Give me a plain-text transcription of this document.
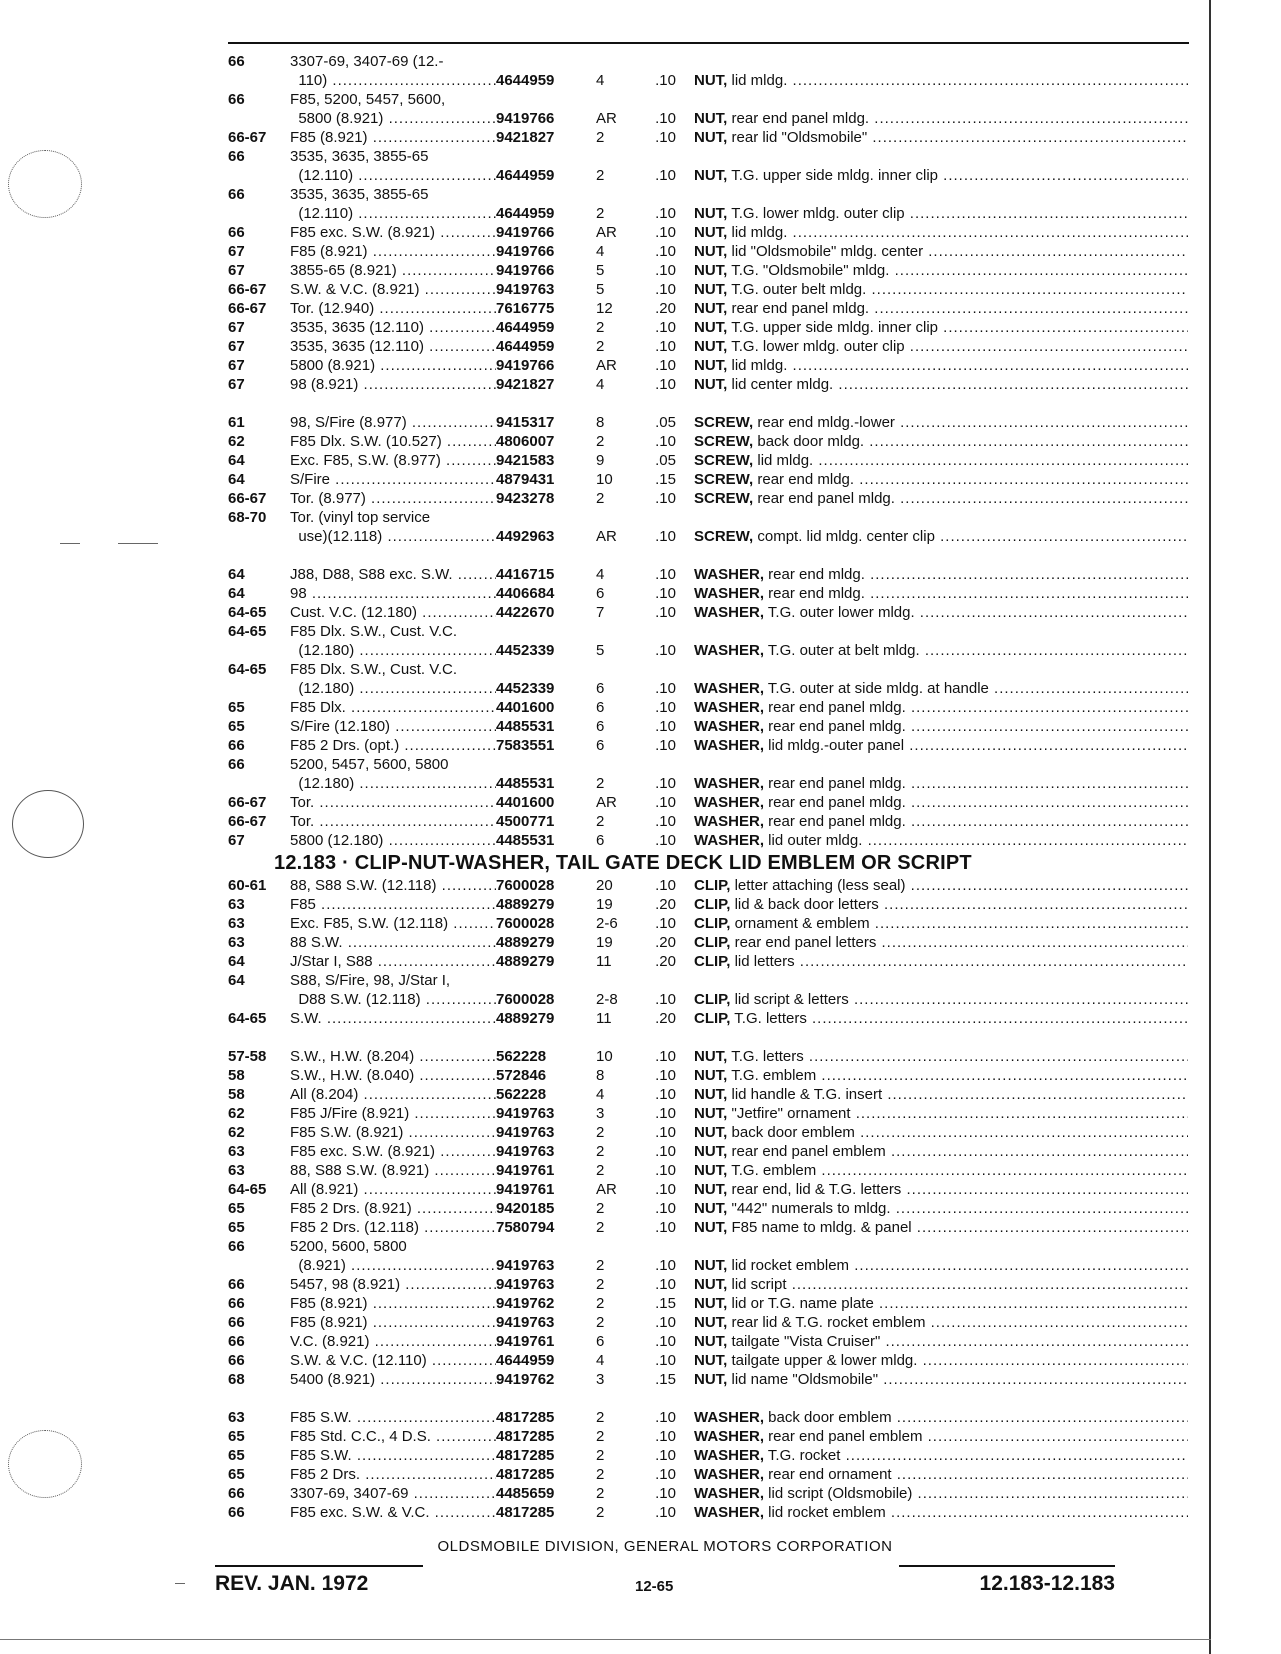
66	3307-69, 3407-69 (12.-
110) .....	4644959	4	.10	NUT, lid mldg. .....
66	F85, 5200, 5457, 5600,
5800 (8.921) .....	9419766	AR	.10	NUT, rear end panel mldg. .....
66-67	F85 (8.921) .....	9421827	2	.10	NUT, rear lid "Oldsmobile" .....
66	3535, 3635, 3855-65
(12.110) .....	4644959	2	.10	NUT, T.G. upper side mldg. inner clip .....
66	3535, 3635, 3855-65
(12.110) .....	4644959	2	.10	NUT, T.G. lower mldg. outer clip .....
66	F85 exc. S.W. (8.921) .....	9419766	AR	.10	NUT, lid mldg. .....
67	F85 (8.921) .....	9419766	4	.10	NUT, lid "Oldsmobile" mldg. center .....
67	3855-65 (8.921) .....	9419766	5	.10	NUT, T.G. "Oldsmobile" mldg. .....
66-67	S.W. & V.C. (8.921) .....	9419763	5	.10	NUT, T.G. outer belt mldg. .....
66-67	Tor. (12.940) .....	7616775	12	.20	NUT, rear end panel mldg. .....
67	3535, 3635 (12.110) .....	4644959	2	.10	NUT, T.G. upper side mldg. inner clip .....
67	3535, 3635 (12.110) .....	4644959	2	.10	NUT, T.G. lower mldg. outer clip .....
67	5800 (8.921) .....	9419766	AR	.10	NUT, lid mldg. .....
67	98 (8.921) .....	9421827	4	.10	NUT, lid center mldg. .....
61	98, S/Fire (8.977) .....	9415317	8	.05	SCREW, rear end mldg.-lower .....
62	F85 Dlx. S.W. (10.527) .....	4806007	2	.10	SCREW, back door mldg. .....
64	Exc. F85, S.W. (8.977) .....	9421583	9	.05	SCREW, lid mldg. .....
64	S/Fire .....	4879431	10	.15	SCREW, rear end mldg. .....
66-67	Tor. (8.977) .....	9423278	2	.10	SCREW, rear end panel mldg. .....
68-70	Tor. (vinyl top service
use)(12.118) .....	4492963	AR	.10	SCREW, compt. lid mldg. center clip .....
64	J88, D88, S88 exc. S.W. .....	4416715	4	.10	WASHER, rear end mldg. .....
64	98 .....	4406684	6	.10	WASHER, rear end mldg. .....
64-65	Cust. V.C. (12.180) .....	4422670	7	.10	WASHER, T.G. outer lower mldg. .....
64-65	F85 Dlx. S.W., Cust. V.C.
(12.180) .....	4452339	5	.10	WASHER, T.G. outer at belt mldg. .....
64-65	F85 Dlx. S.W., Cust. V.C.
(12.180) .....	4452339	6	.10	WASHER, T.G. outer at side mldg. at handle .....
65	F85 Dlx. .....	4401600	6	.10	WASHER, rear end panel mldg. .....
65	S/Fire (12.180) .....	4485531	6	.10	WASHER, rear end panel mldg. .....
66	F85 2 Drs. (opt.) .....	7583551	6	.10	WASHER, lid mldg.-outer panel .....
66	5200, 5457, 5600, 5800
(12.180) .....	4485531	2	.10	WASHER, rear end panel mldg. .....
66-67	Tor. .....	4401600	AR	.10	WASHER, rear end panel mldg. .....
66-67	Tor. .....	4500771	2	.10	WASHER, rear end panel mldg. .....
67	5800 (12.180) .....	4485531	6	.10	WASHER, lid outer mldg. .....
12.183 · CLIP-NUT-WASHER, TAIL GATE DECK LID EMBLEM OR SCRIPT
60-61	88, S88 S.W. (12.118) .....	7600028	20	.10	CLIP, letter attaching (less seal) .....
63	F85 .....	4889279	19	.20	CLIP, lid & back door letters .....
63	Exc. F85, S.W. (12.118) .....	7600028	2-6	.10	CLIP, ornament & emblem .....
63	88 S.W. .....	4889279	19	.20	CLIP, rear end panel letters .....
64	J/Star I, S88 .....	4889279	11	.20	CLIP, lid letters .....
64	S88, S/Fire, 98, J/Star I,
D88 S.W. (12.118) .....	7600028	2-8	.10	CLIP, lid script & letters .....
64-65	S.W. .....	4889279	11	.20	CLIP, T.G. letters .....
57-58	S.W., H.W. (8.204) .....	562228	10	.10	NUT, T.G. letters .....
58	S.W., H.W. (8.040) .....	572846	8	.10	NUT, T.G. emblem .....
58	All (8.204) .....	562228	4	.10	NUT, lid handle & T.G. insert .....
62	F85 J/Fire (8.921) .....	9419763	3	.10	NUT, "Jetfire" ornament .....
62	F85 S.W. (8.921) .....	9419763	2	.10	NUT, back door emblem .....
63	F85 exc. S.W. (8.921) .....	9419763	2	.10	NUT, rear end panel emblem .....
63	88, S88 S.W. (8.921) .....	9419761	2	.10	NUT, T.G. emblem .....
64-65	All (8.921) .....	9419761	AR	.10	NUT, rear end, lid & T.G. letters .....
65	F85 2 Drs. (8.921) .....	9420185	2	.10	NUT, "442" numerals to mldg. .....
65	F85 2 Drs. (12.118) .....	7580794	2	.10	NUT, F85 name to mldg. & panel .....
66	5200, 5600, 5800
(8.921) .....	9419763	2	.10	NUT, lid rocket emblem .....
66	5457, 98 (8.921) .....	9419763	2	.10	NUT, lid script .....
66	F85 (8.921) .....	9419762	2	.15	NUT, lid or T.G. name plate .....
66	F85 (8.921) .....	9419763	2	.10	NUT, rear lid & T.G. rocket emblem .....
66	V.C. (8.921) .....	9419761	6	.10	NUT, tailgate "Vista Cruiser" .....
66	S.W. & V.C. (12.110) .....	4644959	4	.10	NUT, tailgate upper & lower mldg. .....
68	5400 (8.921) .....	9419762	3	.15	NUT, lid name "Oldsmobile" .....
63	F85 S.W. .....	4817285	2	.10	WASHER, back door emblem .....
65	F85 Std. C.C., 4 D.S. .....	4817285	2	.10	WASHER, rear end panel emblem .....
65	F85 S.W. .....	4817285	2	.10	WASHER, T.G. rocket .....
65	F85 2 Drs. .....	4817285	2	.10	WASHER, rear end ornament .....
66	3307-69, 3407-69 .....	4485659	2	.10	WASHER, lid script (Oldsmobile) .....
66	F85 exc. S.W. & V.C. .....	4817285	2	.10	WASHER, lid rocket emblem .....
OLDSMOBILE DIVISION, GENERAL MOTORS CORPORATION
REV. JAN. 1972	12-65	12.183-12.183
